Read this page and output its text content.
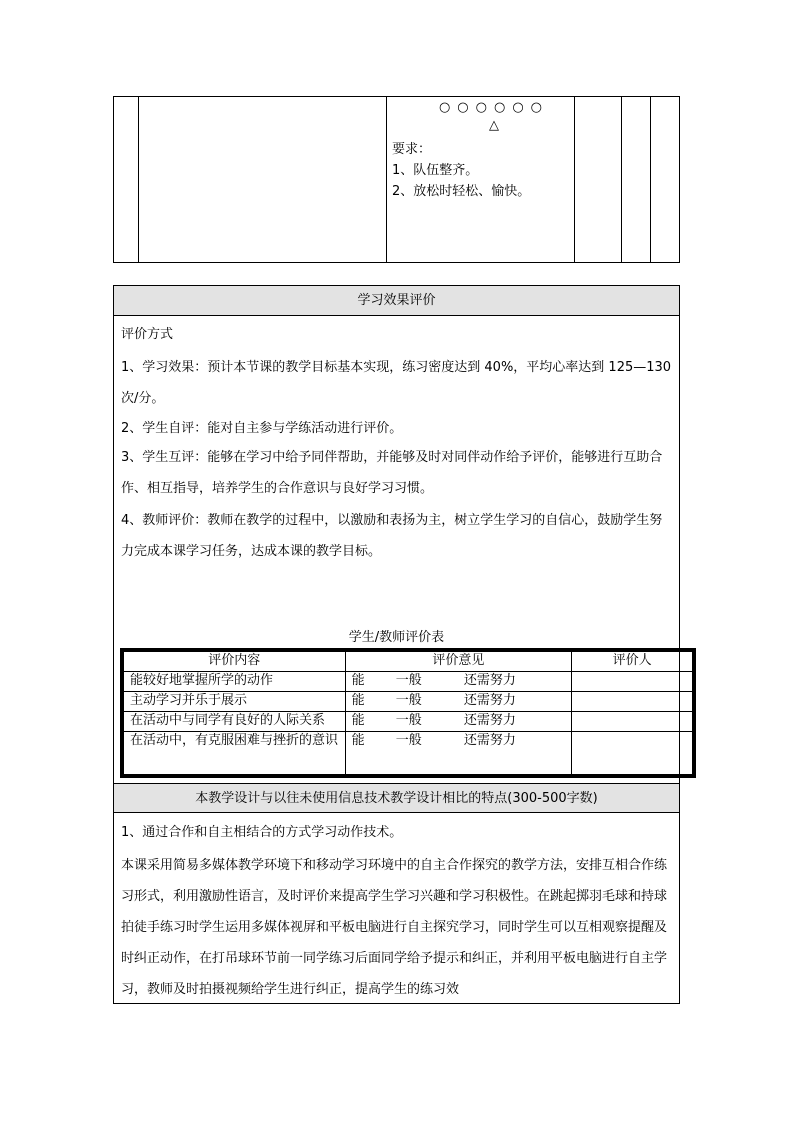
○○○○○○
△
要求：
1、队伍整齐。
2、放松时轻松、愉快。
学习效果评价
评价方式
1、学习效果：预计本节课的教学目标基本实现，练习密度达到 40%，平均心率达到 125—130 次/分。
2、学生自评：能对自主参与学练活动进行评价。
3、学生互评：能够在学习中给予同伴帮助，并能够及时对同伴动作给予评价，能够进行互助合作、相互指导，培养学生的合作意识与良好学习习惯。
4、教师评价：教师在教学的过程中，以激励和表扬为主，树立学生学习的自信心，鼓励学生努力完成本课学习任务，达成本课的教学目标。
学生/教师评价表
本教学设计与以往未使用信息技术教学设计相比的特点(300-500字数)
1、通过合作和自主相结合的方式学习动作技术。
本课采用简易多媒体教学环境下和移动学习环境中的自主合作探究的教学方法，安排互相合作练习形式，利用激励性语言，及时评价来提高学生学习兴趣和学习积极性。在跳起掷羽毛球和持球拍徒手练习时学生运用多媒体视屏和平板电脑进行自主探究学习，同时学生可以互相观察提醒及时纠正动作，在打吊球环节前一同学练习后面同学给予提示和纠正，并利用平板电脑进行自主学习，教师及时拍摄视频给学生进行纠正，提高学生的练习效
评价内容	评价意见	评价人
能较好地掌握所学的动作	能 一般 还需努力	
主动学习并乐于展示	能 一般 还需努力	
在活动中与同学有良好的人际关系	能 一般 还需努力	
在活动中，有克服困难与挫折的意识	能 一般 还需努力	
